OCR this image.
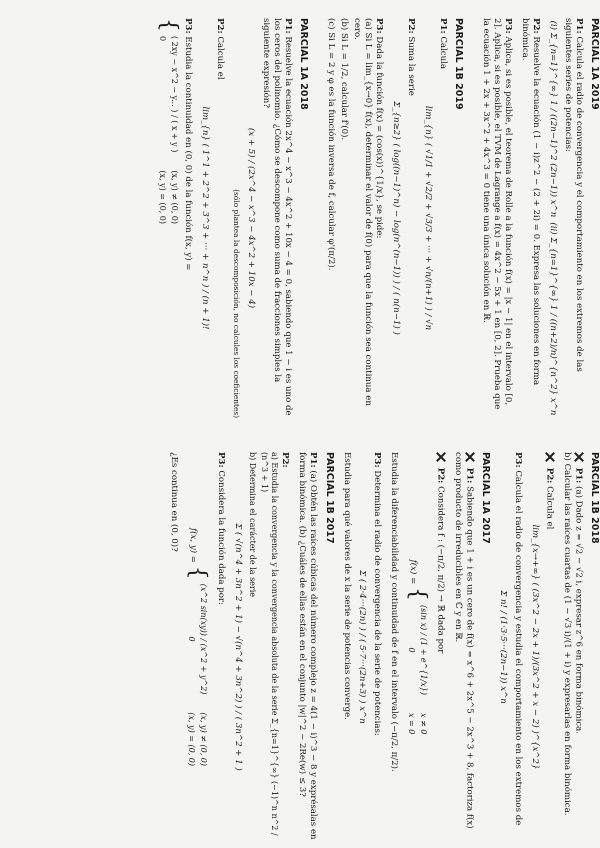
PARCIAL 1A 2019
P1: Calcula el radio de convergencia y el comportamiento en los extremos de las siguientes series de potencias:
(i) Σ_{n=1}^{∞} 1 / ((2n−1)^2 (2n−1)) x^n
(ii) Σ_{n=1}^{∞} 1 / ((n+2)/n)^{n^2} x^n
P2: Resuelve la ecuación (1 − i)z^2 − (2 + 2i) = 0. Expresa las soluciones en forma binómica.
P3: Aplica, si es posible, el teorema de Rolle a la función f(x) = |x − 1| en el intervalo [0, 2]. Aplica, si es posible, el TVM de Lagrange a f(x) = 4x^2 − 5x + 1 en [0, 2]. Prueba que la ecuación 1 + 2x + 3x^2 + 4x^3 = 0 tiene una única solución en ℝ.
PARCIAL 1B 2019
P1: Calcula
lim_{n} ( √1/1 + √2/2 + √3/3 + ··· + √n/(n+1) ) / √n
P2: Suma la serie
Σ_{n≥2} ( log((n−1)^n) − log(n^(n−1)) ) / ( n(n−1) )
P3: Dada la función f(x) = (cos(x))^{1/x}, se pide:
(a) Si L = lim_{x→0} f(x), determinar el valor de f(0) para que la función sea continua en cero.
(b) Si L = 1/2, calcular f'(0).
(c) Si L = 2 y φ es la función inversa de f, calcular φ'(π/2).
PARCIAL 1A 2018
P1: Resuelve la ecuación 2x^4 − x^3 − 4x^2 + 10x − 4 = 0, sabiendo que 1 − i es uno de los ceros del polinomio. ¿Cómo se descompone como suma de fracciones simples la siguiente expresión?
(x + 5) / (2x^4 − x^3 − 4x^2 + 10x − 4)
(sólo plantea la descomposición, no calcules los coeficientes)
P2: Calcula el
lim_{n} ( 1^1 + 2^2 + 3^3 + ··· + n^n ) / (n + 1)!
P3: Estudia la continuidad en (0, 0) de la función f(x, y) =
{
( 2xy − x^2 − y... ) / ( x + y )
(x, y) ≠ (0, 0)
0
(x, y) = (0, 0)
PARCIAL 1B 2018
P1: (a) Dado z = √2 − √2 i, expresar z^6 en forma binómica.
b) Calcular las raíces cuartas de (1 − √3 i)/(1 + i) y expresarlas en forma binómica.
P2: Calcula el
lim_{x→+∞} ( (3x^2 − 2x + 1)/(3x^2 + x − 2) )^{x^2}
P3: Calcula el radio de convergencia y estudia el comportamiento en los extremos de
Σ n! / (1·3·5···(2n−1)) x^n
PARCIAL 1A 2017
P1: Sabiendo que 1 + i es un cero de f(x) = x^6 + 2x^5 − 2x^3 + 8, factoriza f(x) como producto de irreducibles en ℂ y en ℝ.
P2: Considera f : (−π/2, π/2) → ℝ dada por
f(x) =
{
(sin x) / (1 + e^{1/x})
x ≠ 0
0
x = 0
Estudia la diferenciabilidad y continuidad de f en el intervalo (−π/2, π/2).
P3: Determina el radio de convergencia de la serie de potencias:
Σ ( 2·4···(2n) ) / ( 5·7···(2n+3) ) x^n
Estudia para qué valores de x la serie de potencias converge.
PARCIAL 1B 2017
P1: (a) Obtén las raíces cúbicas del número complejo z = 4(1 − i)^3 − 8 y exprésalas en forma binómica. (b) ¿Cuáles de ellas están en el conjunto |w|^2 − 2Re(w) ≤ 3?
P2:
a) Estudia la convergencia y la convergencia absoluta de la serie Σ_{n=1}^{∞} (−1)^n n^2 / (n^3 + 1)
b) Determina el carácter de la serie
Σ ( √(n^4 + 3n^2 + 1) − √(n^4 + 3n^2) ) / ( 3n^2 + 1 )
P3: Considera la función dada por:
f(x, y) =
{
(x^2 sin(xy)) / (x^2 + y^2)
(x, y) ≠ (0, 0)
0
(x, y) = (0, 0)
¿Es continua en (0, 0)?
